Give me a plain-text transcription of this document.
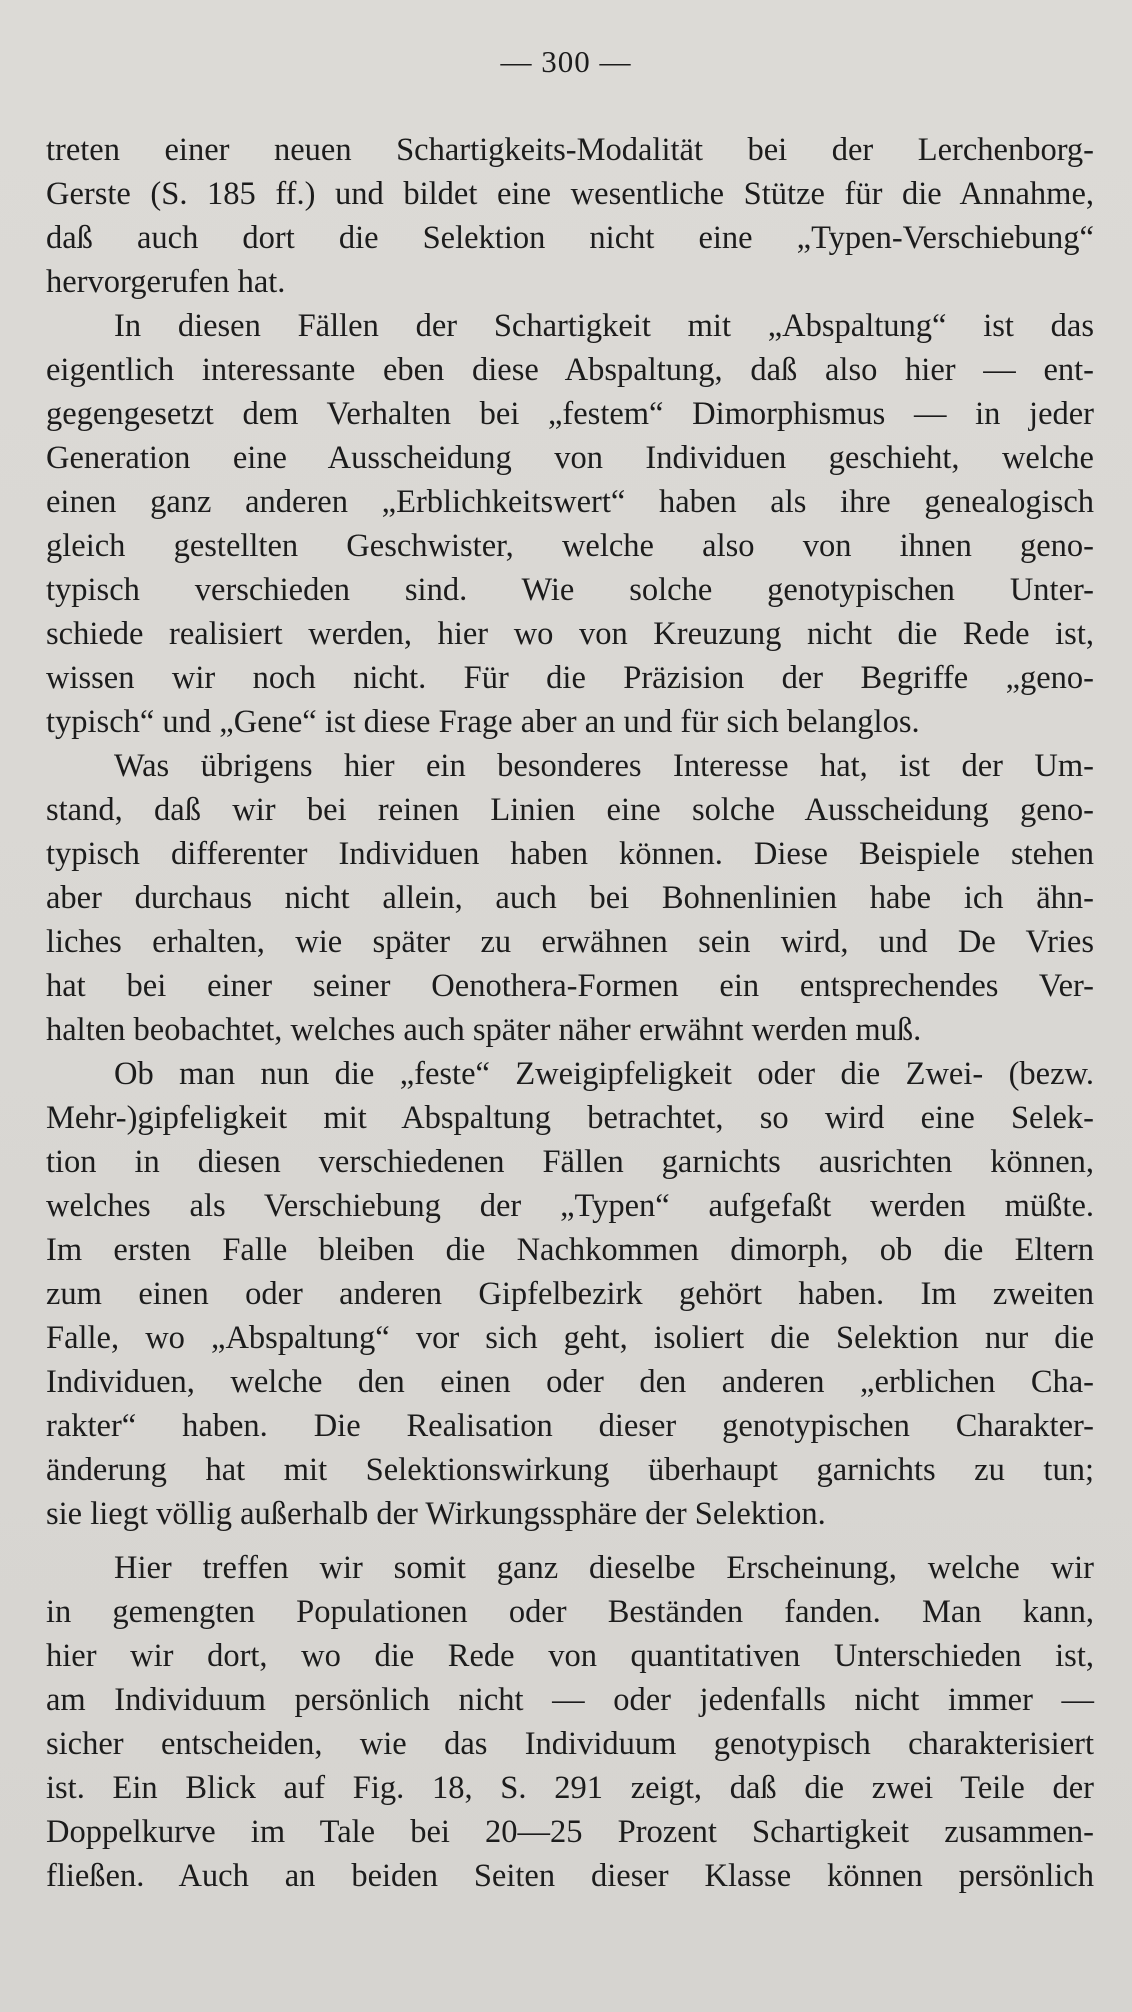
— 300 —
treten einer neuen Schartigkeits-Modalität bei der Lerchenborg-
Gerste (S. 185 ff.) und bildet eine wesentliche Stütze für die Annahme,
daß auch dort die Selektion nicht eine „Typen-Verschiebung“
hervorgerufen hat.
In diesen Fällen der Schartigkeit mit „Abspaltung“ ist das
eigentlich interessante eben diese Abspaltung, daß also hier — ent-
gegengesetzt dem Verhalten bei „festem“ Dimorphismus — in jeder
Generation eine Ausscheidung von Individuen geschieht, welche
einen ganz anderen „Erblichkeitswert“ haben als ihre genealogisch
gleich gestellten Geschwister, welche also von ihnen geno-
typisch verschieden sind. Wie solche genotypischen Unter-
schiede realisiert werden, hier wo von Kreuzung nicht die Rede ist,
wissen wir noch nicht. Für die Präzision der Begriffe „geno-
typisch“ und „Gene“ ist diese Frage aber an und für sich belanglos.
Was übrigens hier ein besonderes Interesse hat, ist der Um-
stand, daß wir bei reinen Linien eine solche Ausscheidung geno-
typisch differenter Individuen haben können. Diese Beispiele stehen
aber durchaus nicht allein, auch bei Bohnenlinien habe ich ähn-
liches erhalten, wie später zu erwähnen sein wird, und De Vries
hat bei einer seiner Oenothera-Formen ein entsprechendes Ver-
halten beobachtet, welches auch später näher erwähnt werden muß.
Ob man nun die „feste“ Zweigipfeligkeit oder die Zwei- (bezw.
Mehr-)gipfeligkeit mit Abspaltung betrachtet, so wird eine Selek-
tion in diesen verschiedenen Fällen garnichts ausrichten können,
welches als Verschiebung der „Typen“ aufgefaßt werden müßte.
Im ersten Falle bleiben die Nachkommen dimorph, ob die Eltern
zum einen oder anderen Gipfelbezirk gehört haben. Im zweiten
Falle, wo „Abspaltung“ vor sich geht, isoliert die Selektion nur die
Individuen, welche den einen oder den anderen „erblichen Cha-
rakter“ haben. Die Realisation dieser genotypischen Charakter-
änderung hat mit Selektionswirkung überhaupt garnichts zu tun;
sie liegt völlig außerhalb der Wirkungssphäre der Selektion.
Hier treffen wir somit ganz dieselbe Erscheinung, welche wir
in gemengten Populationen oder Beständen fanden. Man kann,
hier wir dort, wo die Rede von quantitativen Unterschieden ist,
am Individuum persönlich nicht — oder jedenfalls nicht immer —
sicher entscheiden, wie das Individuum genotypisch charakterisiert
ist. Ein Blick auf Fig. 18, S. 291 zeigt, daß die zwei Teile der
Doppelkurve im Tale bei 20—25 Prozent Schartigkeit zusammen-
fließen. Auch an beiden Seiten dieser Klasse können persönlich
